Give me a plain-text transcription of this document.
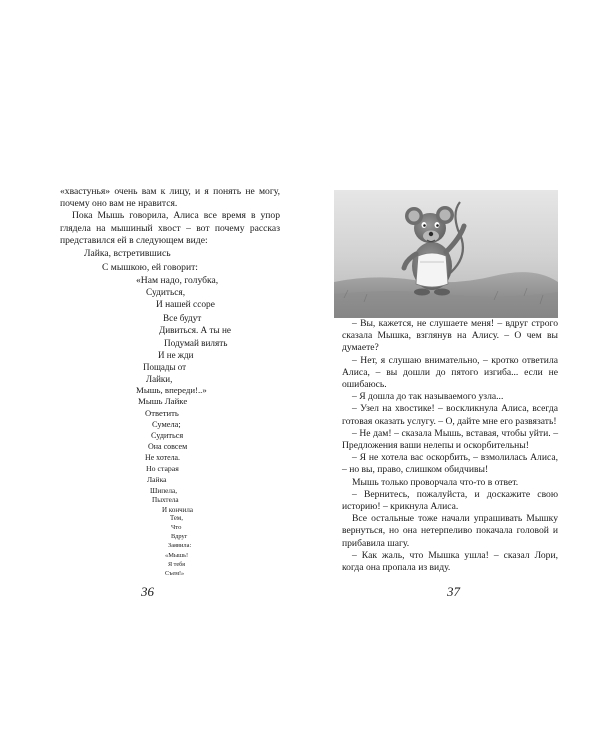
«хвастунья» очень вам к лицу, и я понять не могу, почему оно вам не нравится.

Пока Мышь говорила, Алиса все время в упор глядела на мышиный хвост – вот почему рассказ представился ей в следующем виде:

Лайка, встретившись
С мышкою, ей говорит:
«Нам надо, голубка,
Судиться,
И нашей ссоре
Все будут
Дивиться. А ты не
Подумай вилять
И не жди
Пощады от
Лайки,
Мышь, впереди!..»
Мышь Лайке
Ответить
Сумела;
Судиться
Она совсем
Не хотела.
Но старая
Лайка
Шипела,
Пыхтела
И кончила
Тем,
Что
Вдруг
Заявила:
«Мышь!
Я тебя
Съем!»
36

– Вы, кажется, не слушаете меня! – вдруг строго сказала Мышка, взглянув на Алису. – О чем вы думаете?

– Нет, я слушаю внимательно, – кротко ответила Алиса, – вы дошли до пятого изгиба... если не ошибаюсь.

– Я дошла до так называемого узла...

– Узел на хвостике! – воскликнула Алиса, всегда готовая оказать услугу. – О, дайте мне его развязать!

– Не дам! – сказала Мышь, вставая, чтобы уйти. – Предложения ваши нелепы и оскорбительны!

– Я не хотела вас оскорбить, – взмолилась Алиса, – но вы, право, слишком обидчивы!

Мышь только проворчала что-то в ответ.

– Вернитесь, пожалуйста, и доскажите свою историю! – крикнула Алиса.

Все остальные тоже начали упрашивать Мышку вернуться, но она нетерпеливо покачала головой и прибавила шагу.

– Как жаль, что Мышка ушла! – сказал Лори, когда она пропала из виду.

37
